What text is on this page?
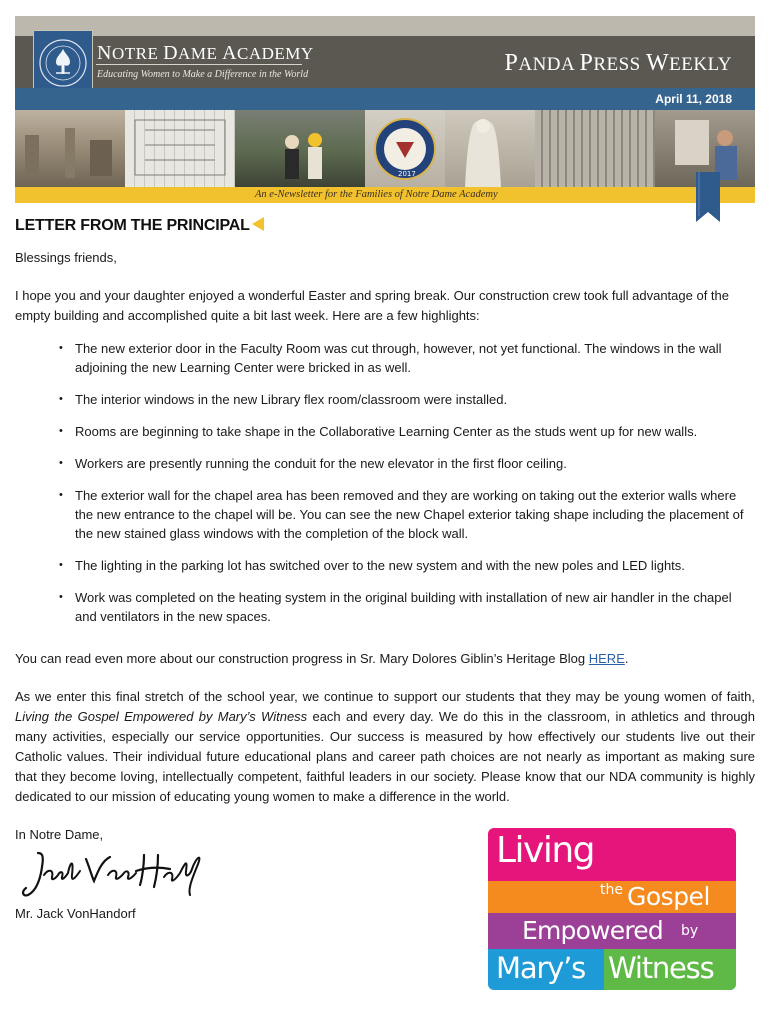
NOTRE DAME ACADEMY
Educating Women to Make a Difference in the World	PANDA PRESS WEEKLY
April 11, 2018
2017
An e-Newsletter for the Families of Notre Dame Academy
LETTER FROM THE PRINCIPAL

Blessings friends,

I hope you and your daughter enjoyed a wonderful Easter and spring break. Our construction crew took full advantage of the empty building and accomplished quite a bit last week. Here are a few highlights:

• The new exterior door in the Faculty Room was cut through, however, not yet functional. The windows in the wall adjoining the new Learning Center were bricked in as well.
• The interior windows in the new Library flex room/classroom were installed.
• Rooms are beginning to take shape in the Collaborative Learning Center as the studs went up for new walls.
• Workers are presently running the conduit for the new elevator in the first floor ceiling.
• The exterior wall for the chapel area has been removed and they are working on taking out the exterior walls where the new entrance to the chapel will be. You can see the new Chapel exterior taking shape including the placement of the new stained glass windows with the completion of the block wall.
• The lighting in the parking lot has switched over to the new system and with the new poles and LED lights.
• Work was completed on the heating system in the original building with installation of new air handler in the chapel and ventilators in the new spaces.

You can read even more about our construction progress in Sr. Mary Dolores Giblin’s Heritage Blog HERE.

As we enter this final stretch of the school year, we continue to support our students that they may be young women of faith, Living the Gospel Empowered by Mary’s Witness each and every day. We do this in the classroom, in athletics and through many activities, especially our service opportunities. Our success is measured by how effectively our students live out their Catholic values. Their individual future educational plans and career path choices are not nearly as important as making sure that they become loving, intellectually competent, faithful leaders in our society. Please know that our NDA community is highly dedicated to our mission of educating young women to make a difference in the world.

In Notre Dame,
Mr. Jack VonHandorf
Living
the Gospel
Empowered by
Mary’s Witness
